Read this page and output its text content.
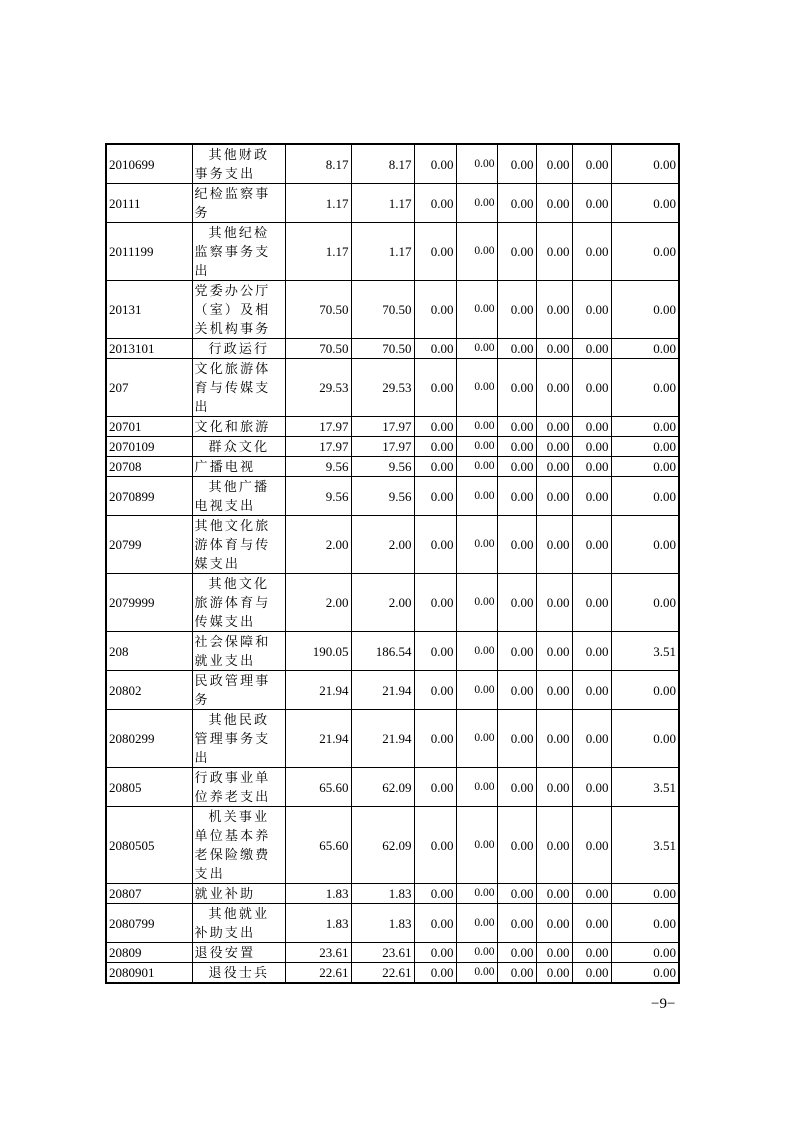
2010699	其他财政事务支出	8.17	8.17	0.00	0.00	0.00	0.00	0.00	0.00
20111	纪检监察事务	1.17	1.17	0.00	0.00	0.00	0.00	0.00	0.00
2011199	其他纪检监察事务支出	1.17	1.17	0.00	0.00	0.00	0.00	0.00	0.00
20131	党委办公厅（室）及相关机构事务	70.50	70.50	0.00	0.00	0.00	0.00	0.00	0.00
2013101	行政运行	70.50	70.50	0.00	0.00	0.00	0.00	0.00	0.00
207	文化旅游体育与传媒支出	29.53	29.53	0.00	0.00	0.00	0.00	0.00	0.00
20701	文化和旅游	17.97	17.97	0.00	0.00	0.00	0.00	0.00	0.00
2070109	群众文化	17.97	17.97	0.00	0.00	0.00	0.00	0.00	0.00
20708	广播电视	9.56	9.56	0.00	0.00	0.00	0.00	0.00	0.00
2070899	其他广播电视支出	9.56	9.56	0.00	0.00	0.00	0.00	0.00	0.00
20799	其他文化旅游体育与传媒支出	2.00	2.00	0.00	0.00	0.00	0.00	0.00	0.00
2079999	其他文化旅游体育与传媒支出	2.00	2.00	0.00	0.00	0.00	0.00	0.00	0.00
208	社会保障和就业支出	190.05	186.54	0.00	0.00	0.00	0.00	0.00	3.51
20802	民政管理事务	21.94	21.94	0.00	0.00	0.00	0.00	0.00	0.00
2080299	其他民政管理事务支出	21.94	21.94	0.00	0.00	0.00	0.00	0.00	0.00
20805	行政事业单位养老支出	65.60	62.09	0.00	0.00	0.00	0.00	0.00	3.51
2080505	机关事业单位基本养老保险缴费支出	65.60	62.09	0.00	0.00	0.00	0.00	0.00	3.51
20807	就业补助	1.83	1.83	0.00	0.00	0.00	0.00	0.00	0.00
2080799	其他就业补助支出	1.83	1.83	0.00	0.00	0.00	0.00	0.00	0.00
20809	退役安置	23.61	23.61	0.00	0.00	0.00	0.00	0.00	0.00
2080901	退役士兵	22.61	22.61	0.00	0.00	0.00	0.00	0.00	0.00
−9−
